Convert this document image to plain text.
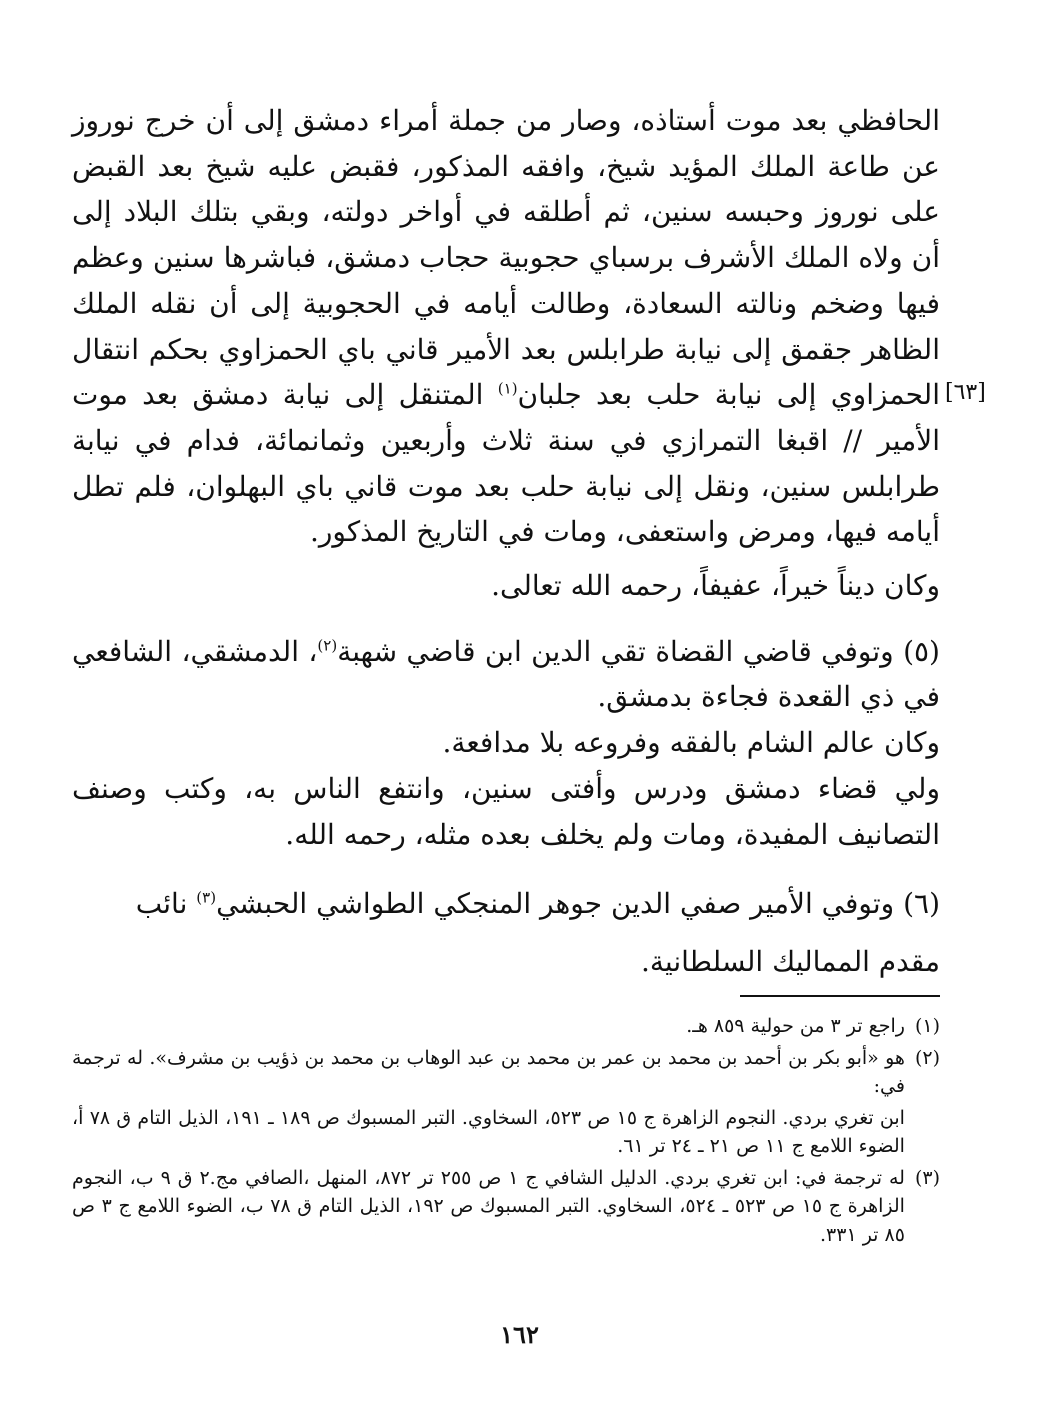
[٦٣]

الحافظي بعد موت أستاذه، وصار من جملة أمراء دمشق إلى أن خرج نوروز عن طاعة الملك المؤيد شيخ، وافقه المذكور، فقبض عليه شيخ بعد القبض على نوروز وحبسه سنين، ثم أطلقه في أواخر دولته، وبقي بتلك البلاد إلى أن ولاه الملك الأشرف برسباي حجوبية حجاب دمشق، فباشرها سنين وعظم فيها وضخم ونالته السعادة، وطالت أيامه في الحجوبية إلى أن نقله الملك الظاهر جقمق إلى نيابة طرابلس بعد الأمير قاني باي الحمزاوي بحكم انتقال الحمزاوي إلى نيابة حلب بعد جلبان$^{(١)}$ المتنقل إلى نيابة دمشق بعد موت الأمير // اقبغا التمرازي في سنة ثلاث وأربعين وثمانمائة، فدام في نيابة طرابلس سنين، ونقل إلى نيابة حلب بعد موت قاني باي البهلوان، فلم تطل أيامه فيها، ومرض واستعفى، ومات في التاريخ المذكور.

وكان ديناً خيراً، عفيفاً، رحمه الله تعالى.

(٥) وتوفي قاضي القضاة تقي الدين ابن قاضي شهبة$^{(٢)}$، الدمشقي، الشافعي في ذي القعدة فجاءة بدمشق.

وكان عالم الشام بالفقه وفروعه بلا مدافعة.

ولي قضاء دمشق ودرس وأفتى سنين، وانتفع الناس به، وكتب وصنف التصانيف المفيدة، ومات ولم يخلف بعده مثله، رحمه الله.

(٦) وتوفي الأمير صفي الدين جوهر المنجكي الطواشي الحبشي$^{(٣)}$ نائب
مقدم المماليك السلطانية.

(١)
راجع تر ٣ من حولية ٨٥٩ هـ.
(٢)
هو «أبو بكر بن أحمد بن محمد بن عمر بن محمد بن عبد الوهاب بن محمد بن ذؤيب بن مشرف». له ترجمة في:
ابن تغري بردي. النجوم الزاهرة ج ١٥ ص ٥٢٣، السخاوي. التبر المسبوك ص ١٨٩ ـ ١٩١، الذيل التام ق ٧٨ أ، الضوء اللامع ج ١١ ص ٢١ ـ ٢٤ تر ٦١.
(٣)
له ترجمة في: ابن تغري بردي. الدليل الشافي ج ١ ص ٢٥٥ تر ٨٧٢، المنهل ،الصافي مج.٢ ق ٩ ب، النجوم الزاهرة ج ١٥ ص ٥٢٣ ـ ٥٢٤، السخاوي. التبر المسبوك ص ١٩٢، الذيل التام ق ٧٨ ب، الضوء اللامع ج ٣ ص ٨٥ تر ٣٣١.
١٦٢
